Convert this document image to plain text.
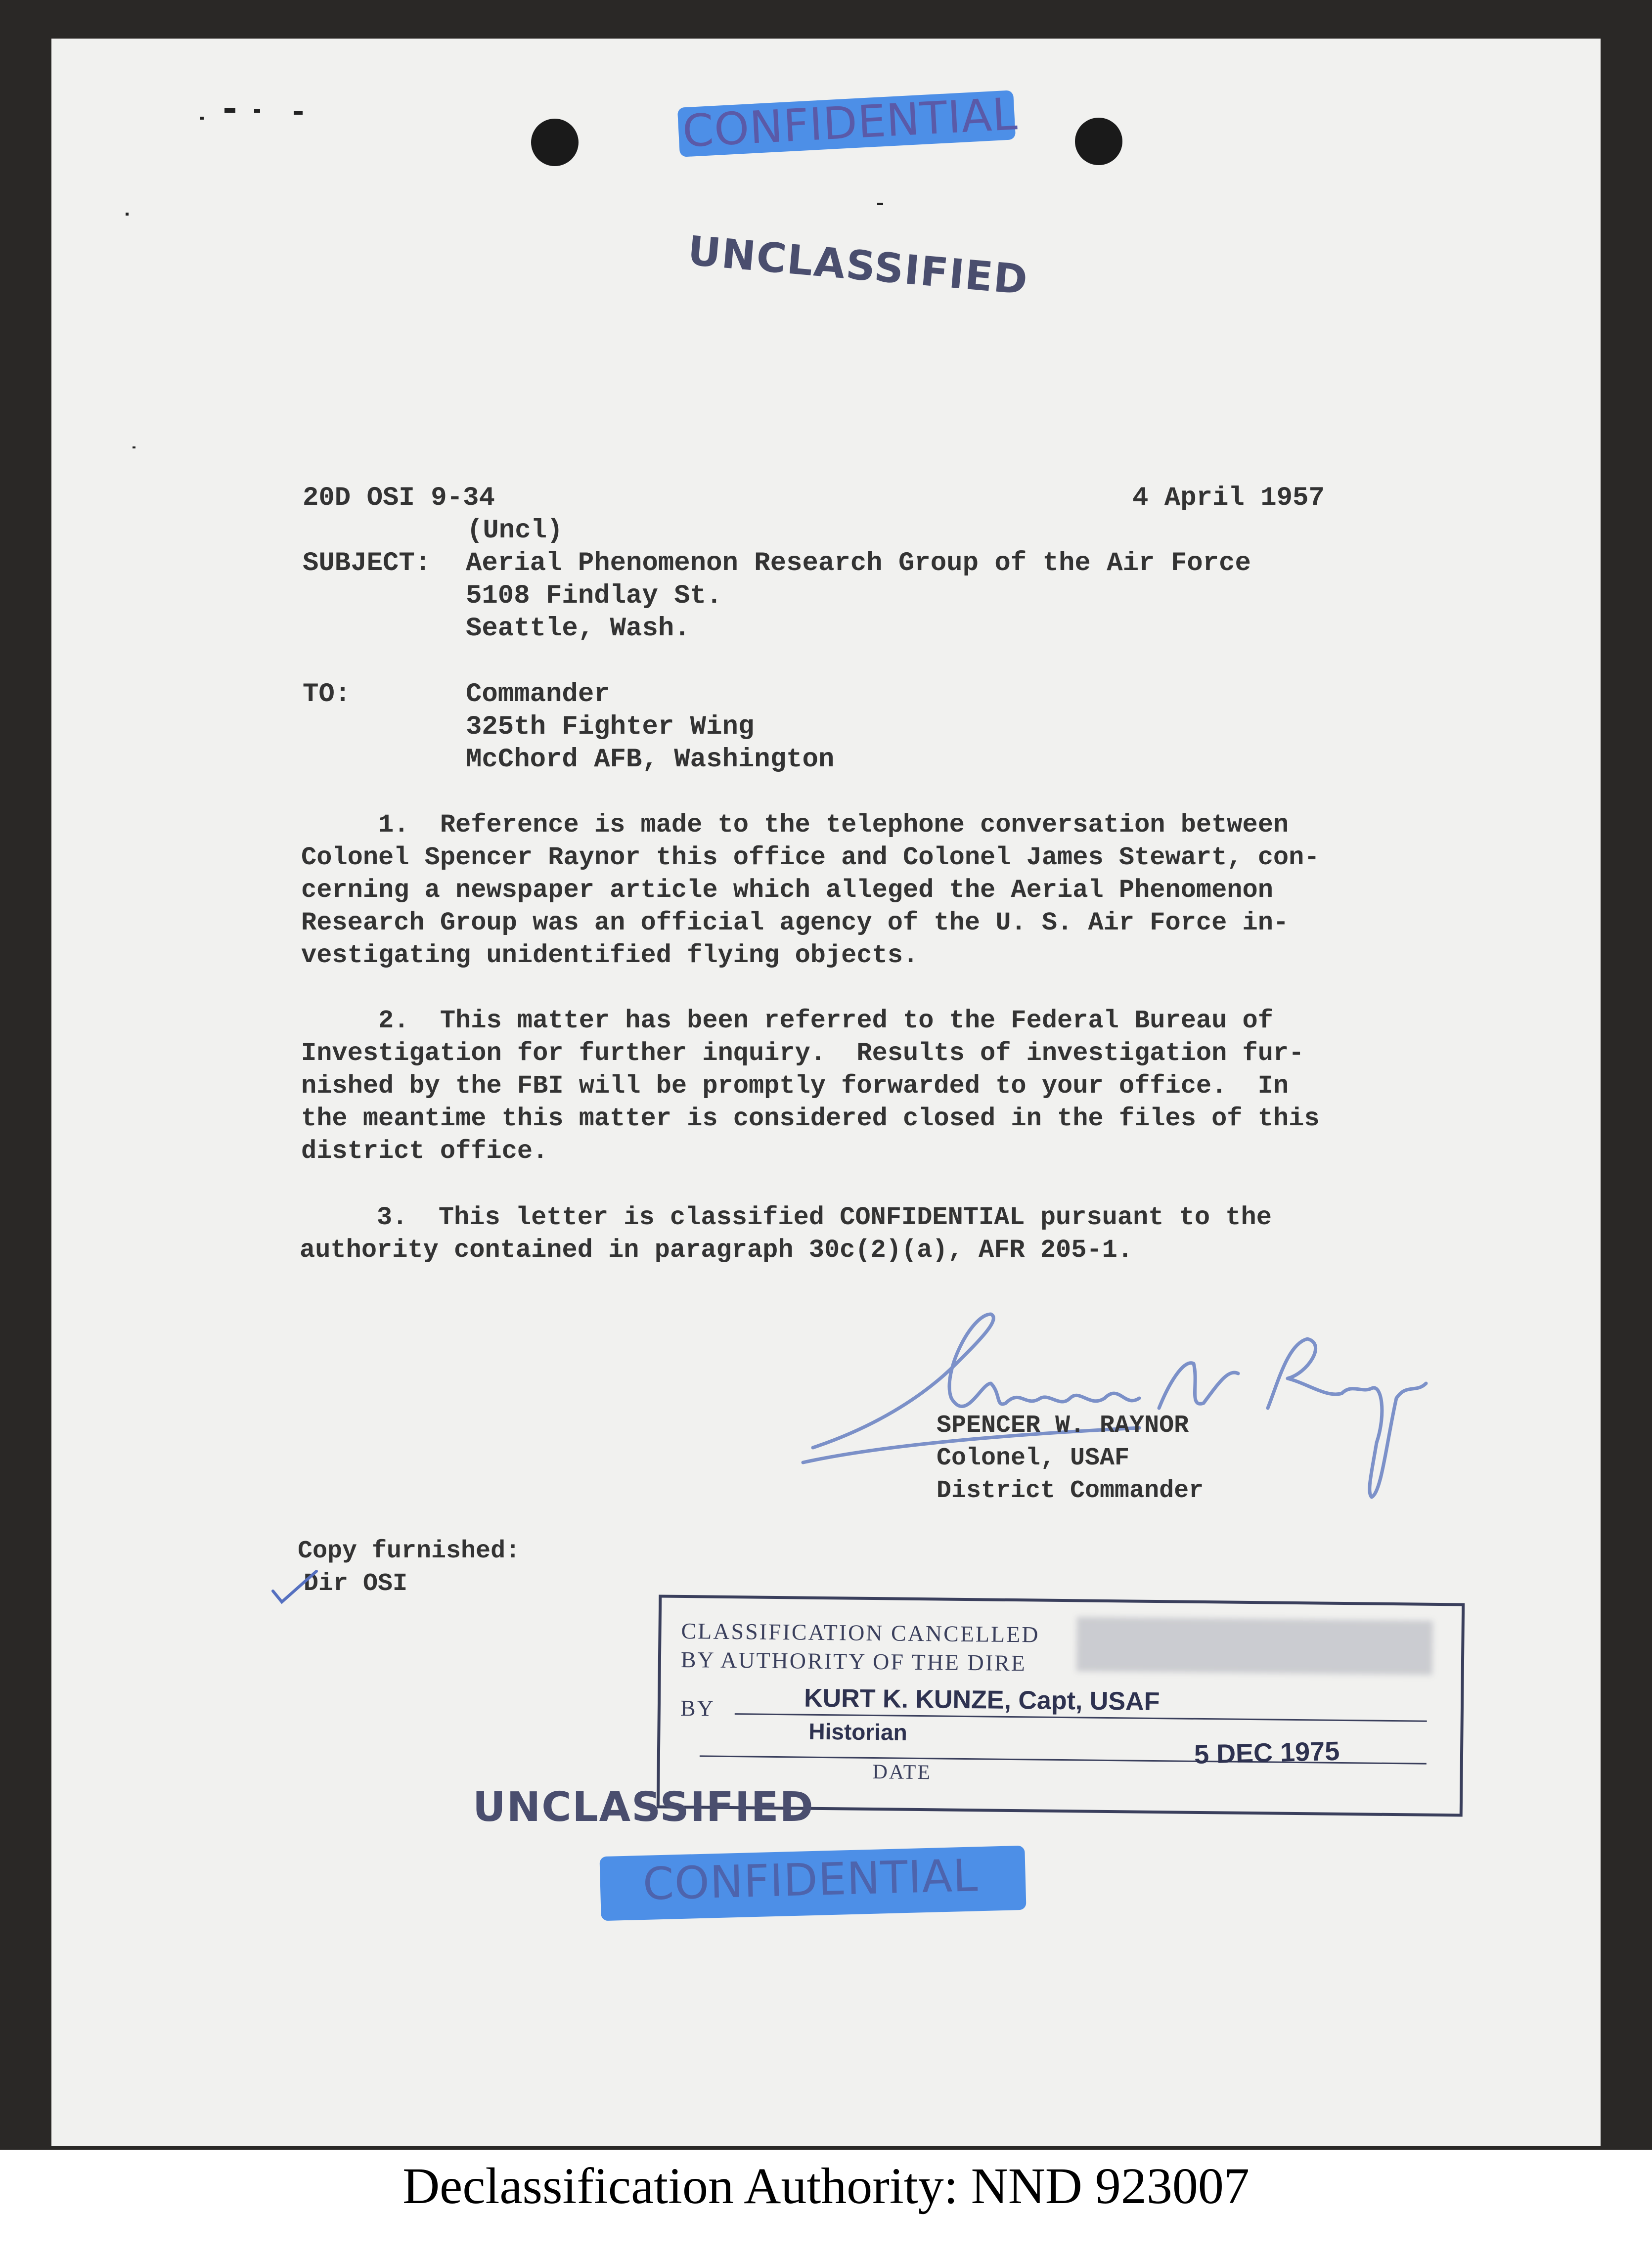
CONFIDENTIAL
UNCLASSIFIED
20D OSI 9-34	4 April 1957
(Uncl)
SUBJECT: Aerial Phenomenon Research Group of the Air Force
5108 Findlay St.
Seattle, Wash.
TO:	Commander
325th Fighter Wing
McChord AFB, Washington
1.  Reference is made to the telephone conversation between
Colonel Spencer Raynor this office and Colonel James Stewart, con-
cerning a newspaper article which alleged the Aerial Phenomenon
Research Group was an official agency of the U. S. Air Force in-
vestigating unidentified flying objects.
2.  This matter has been referred to the Federal Bureau of
Investigation for further inquiry.  Results of investigation fur-
nished by the FBI will be promptly forwarded to your office.  In
the meantime this matter is considered closed in the files of this
district office.
3.  This letter is classified CONFIDENTIAL pursuant to the
authority contained in paragraph 30c(2)(a), AFR 205-1.
SPENCER W. RAYNOR
Colonel, USAF
District Commander
Copy furnished:
Dir OSI
CLASSIFICATION CANCELLED
BY AUTHORITY OF THE DIRE
BY	KURT K. KUNZE, Capt, USAF
Historian
DATE
5 DEC 1975
UNCLASSIFIED
CONFIDENTIAL
Declassification Authority: NND 923007
